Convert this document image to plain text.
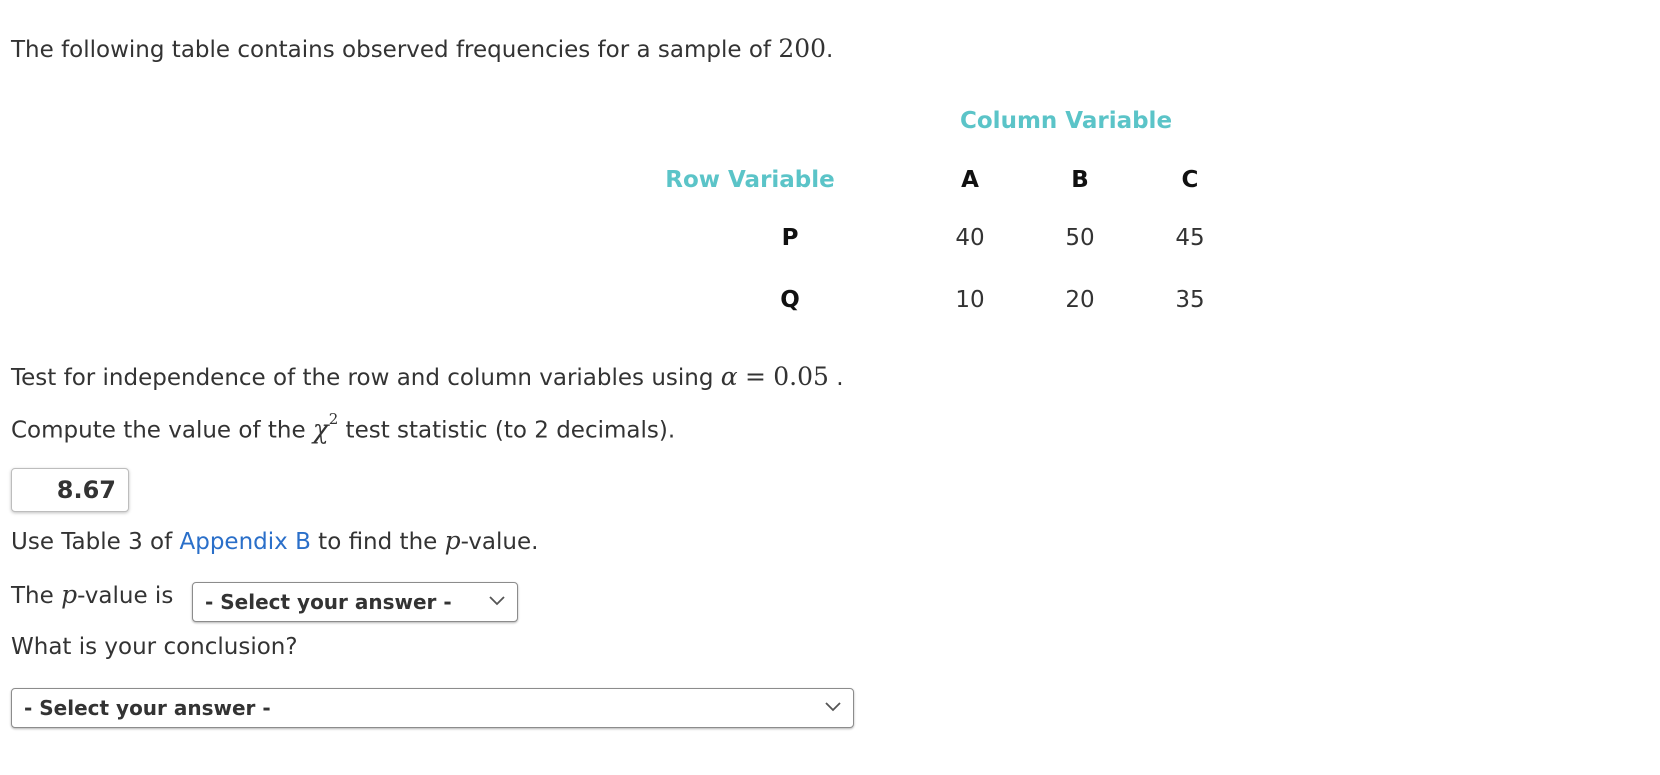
The following table contains observed frequencies for a sample of 200.
Column Variable
Row Variable	A	B	C
P	40	50	45
Q	10	20	35
Test for independence of the row and column variables using α = 0.05 .
Compute the value of the $\chi^2$ test statistic (to 2 decimals).
8.67
Use Table 3 of Appendix B to find the p-value.
The p-value is - Select your answer -
What is your conclusion?
- Select your answer -
